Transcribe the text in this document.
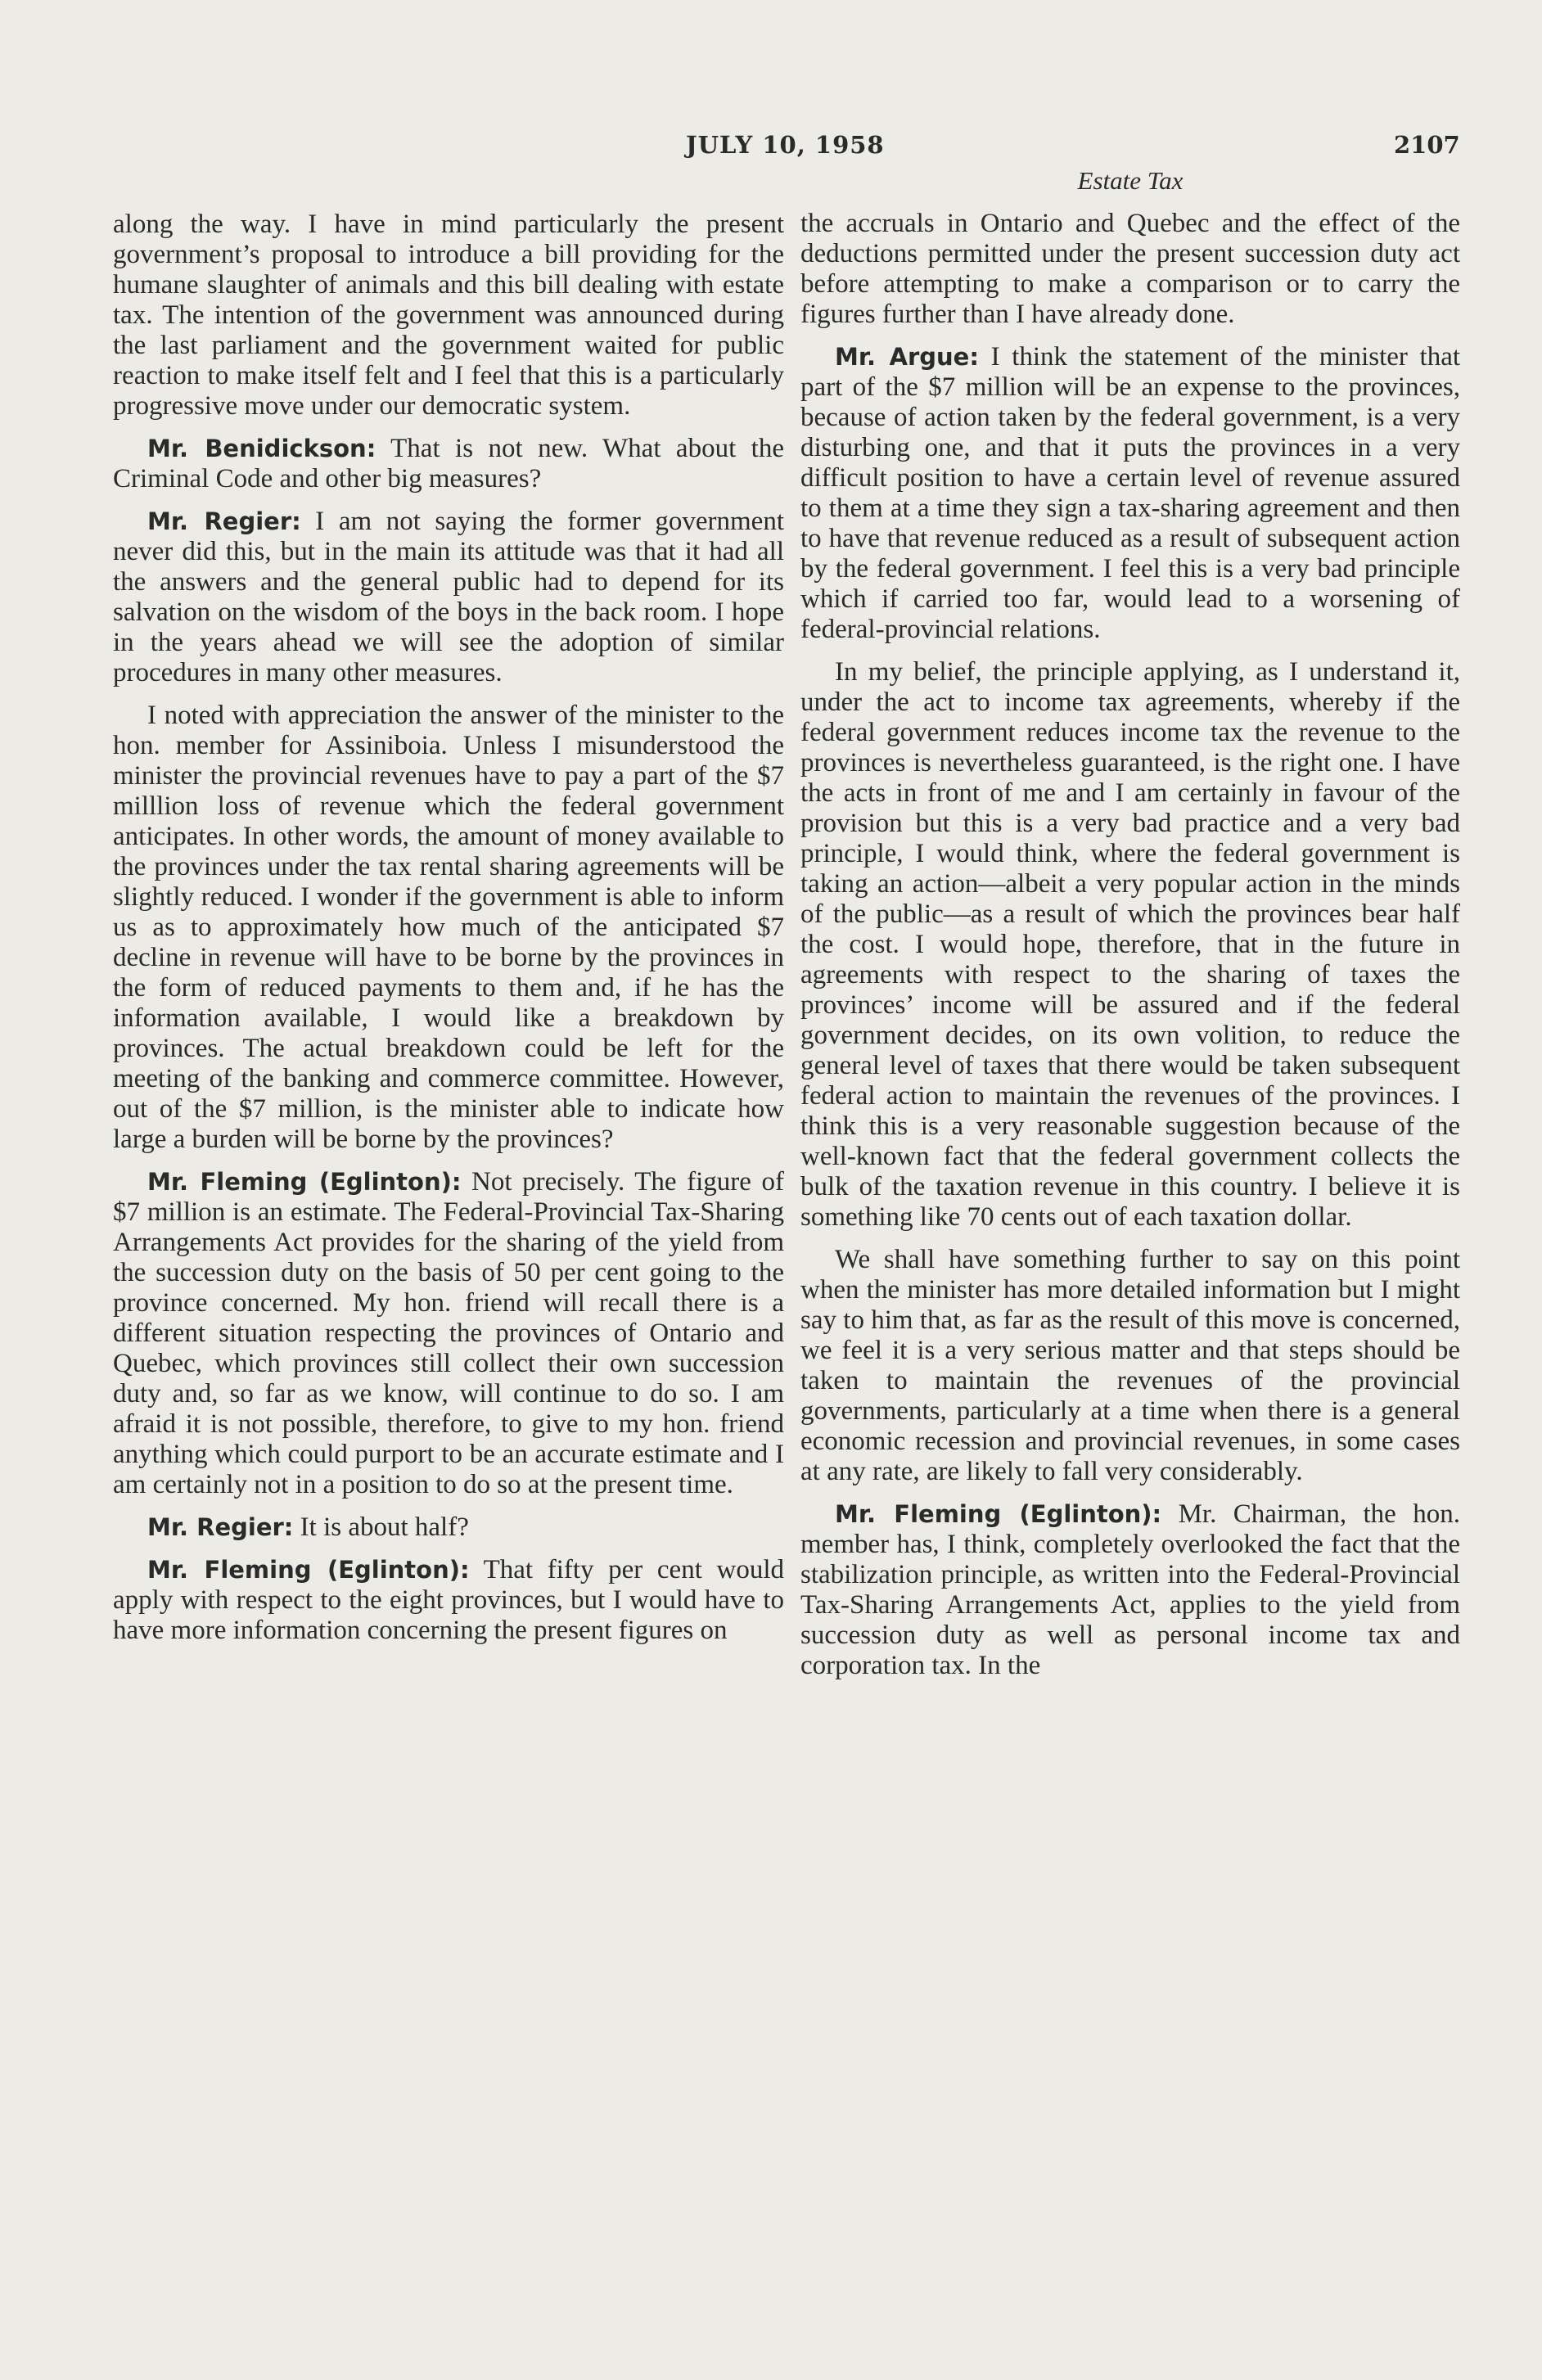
JULY 10, 1958	2107

along the way. I have in mind particularly the present government’s proposal to introduce a bill providing for the humane slaughter of animals and this bill dealing with estate tax. The intention of the government was announced during the last parliament and the government waited for public reaction to make itself felt and I feel that this is a particularly progressive move under our democratic system.

Mr. Benidickson: That is not new. What about the Criminal Code and other big measures?

Mr. Regier: I am not saying the former government never did this, but in the main its attitude was that it had all the answers and the general public had to depend for its salvation on the wisdom of the boys in the back room. I hope in the years ahead we will see the adoption of similar procedures in many other measures.

I noted with appreciation the answer of the minister to the hon. member for Assiniboia. Unless I misunderstood the minister the provincial revenues have to pay a part of the $7 milllion loss of revenue which the federal government anticipates. In other words, the amount of money available to the provinces under the tax rental sharing agreements will be slightly reduced. I wonder if the government is able to inform us as to approximately how much of the anticipated $7 decline in revenue will have to be borne by the provinces in the form of reduced payments to them and, if he has the information available, I would like a breakdown by provinces. The actual breakdown could be left for the meeting of the banking and commerce committee. However, out of the $7 million, is the minister able to indicate how large a burden will be borne by the provinces?

Mr. Fleming (Eglinton): Not precisely. The figure of $7 million is an estimate. The Federal-Provincial Tax-Sharing Arrangements Act provides for the sharing of the yield from the succession duty on the basis of 50 per cent going to the province concerned. My hon. friend will recall there is a different situation respecting the provinces of Ontario and Quebec, which provinces still collect their own succession duty and, so far as we know, will continue to do so. I am afraid it is not possible, therefore, to give to my hon. friend anything which could purport to be an accurate estimate and I am certainly not in a position to do so at the present time.

Mr. Regier: It is about half?

Mr. Fleming (Eglinton): That fifty per cent would apply with respect to the eight provinces, but I would have to have more information concerning the present figures on

Estate Tax

the accruals in Ontario and Quebec and the effect of the deductions permitted under the present succession duty act before attempting to make a comparison or to carry the figures further than I have already done.

Mr. Argue: I think the statement of the minister that part of the $7 million will be an expense to the provinces, because of action taken by the federal government, is a very disturbing one, and that it puts the provinces in a very difficult position to have a certain level of revenue assured to them at a time they sign a tax-sharing agreement and then to have that revenue reduced as a result of subsequent action by the federal government. I feel this is a very bad principle which if carried too far, would lead to a worsening of federal-provincial relations.

In my belief, the principle applying, as I understand it, under the act to income tax agreements, whereby if the federal government reduces income tax the revenue to the provinces is nevertheless guaranteed, is the right one. I have the acts in front of me and I am certainly in favour of the provision but this is a very bad practice and a very bad principle, I would think, where the federal government is taking an action—albeit a very popular action in the minds of the public—as a result of which the provinces bear half the cost. I would hope, therefore, that in the future in agreements with respect to the sharing of taxes the provinces’ income will be assured and if the federal government decides, on its own volition, to reduce the general level of taxes that there would be taken subsequent federal action to maintain the revenues of the provinces. I think this is a very reasonable suggestion because of the well-known fact that the federal government collects the bulk of the taxation revenue in this country. I believe it is something like 70 cents out of each taxation dollar.

We shall have something further to say on this point when the minister has more detailed information but I might say to him that, as far as the result of this move is concerned, we feel it is a very serious matter and that steps should be taken to maintain the revenues of the provincial governments, particularly at a time when there is a general economic recession and provincial revenues, in some cases at any rate, are likely to fall very considerably.

Mr. Fleming (Eglinton): Mr. Chairman, the hon. member has, I think, completely overlooked the fact that the stabilization principle, as written into the Federal-Provincial Tax-Sharing Arrangements Act, applies to the yield from succession duty as well as personal income tax and corporation tax. In the
